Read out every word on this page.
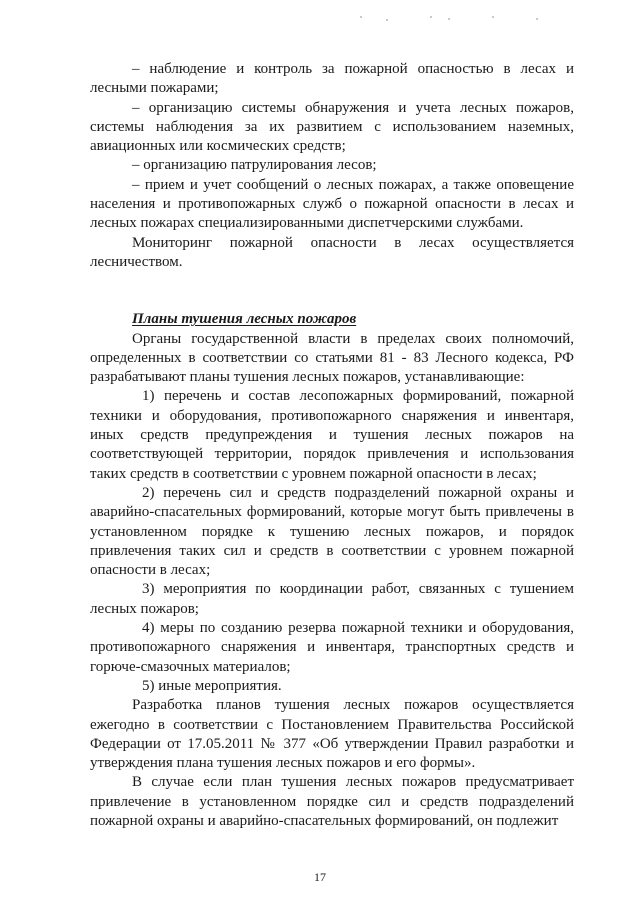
– наблюдение и контроль за пожарной опасностью в лесах и
лесными пожарами;
– организацию системы обнаружения и учета лесных пожаров,
системы наблюдения за их развитием с использованием наземных,
авиационных или космических средств;
– организацию патрулирования лесов;
– прием и учет сообщений о лесных пожарах, а также оповещение
населения и противопожарных служб о пожарной опасности в лесах и
лесных пожарах специализированными диспетчерскими службами.
Мониторинг пожарной опасности в лесах осуществляется
лесничеством.
Планы тушения лесных пожаров
Органы государственной власти в пределах своих полномочий,
определенных в соответствии со статьями 81 - 83 Лесного кодекса, РФ
разрабатывают планы тушения лесных пожаров, устанавливающие:
1) перечень и состав лесопожарных формирований, пожарной
техники и оборудования, противопожарного снаряжения и инвентаря,
иных средств предупреждения и тушения лесных пожаров на
соответствующей территории, порядок привлечения и использования
таких средств в соответствии с уровнем пожарной опасности в лесах;
2) перечень сил и средств подразделений пожарной охраны и
аварийно-спасательных формирований, которые могут быть привлечены в
установленном порядке к тушению лесных пожаров, и порядок
привлечения таких сил и средств в соответствии с уровнем пожарной
опасности в лесах;
3) мероприятия по координации работ, связанных с тушением
лесных пожаров;
4) меры по созданию резерва пожарной техники и оборудования,
противопожарного снаряжения и инвентаря, транспортных средств и
горюче-смазочных материалов;
5) иные мероприятия.
Разработка планов тушения лесных пожаров осуществляется
ежегодно в соответствии с Постановлением Правительства Российской
Федерации от 17.05.2011 № 377 «Об утверждении Правил разработки и
утверждения плана тушения лесных пожаров и его формы».
В случае если план тушения лесных пожаров предусматривает
привлечение в установленном порядке сил и средств подразделений
пожарной охраны и аварийно-спасательных формирований, он подлежит
17
